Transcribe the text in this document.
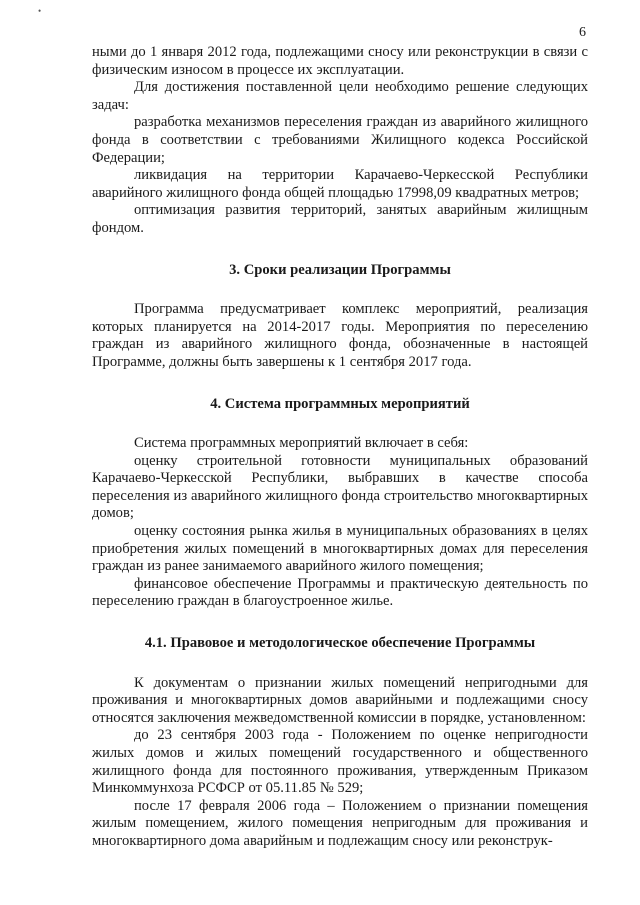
•
6

ными до 1 января 2012 года, подлежащими сносу или реконструкции в связи с физическим износом в процессе их эксплуатации.

Для достижения поставленной цели необходимо решение следующих задач:

разработка механизмов переселения граждан из аварийного жилищного фонда в соответствии с требованиями Жилищного кодекса Российской Федерации;

ликвидация на территории Карачаево-Черкесской Республики аварийного жилищного фонда общей площадью 17998,09 квадратных метров;

оптимизация развития территорий, занятых аварийным жилищным фондом.

3. Сроки реализации Программы

Программа предусматривает комплекс мероприятий, реализация которых планируется на 2014-2017 годы. Мероприятия по переселению граждан из аварийного жилищного фонда, обозначенные в настоящей Программе, должны быть завершены к 1 сентября 2017 года.

4. Система программных мероприятий

Система программных мероприятий включает в себя:

оценку строительной готовности муниципальных образований Карачаево-Черкесской Республики, выбравших в качестве способа переселения из аварийного жилищного фонда строительство многоквартирных домов;

оценку состояния рынка жилья в муниципальных образованиях в целях приобретения жилых помещений в многоквартирных домах для переселения граждан из ранее занимаемого аварийного жилого помещения;

финансовое обеспечение Программы и практическую деятельность по переселению граждан в благоустроенное жилье.

4.1. Правовое и методологическое обеспечение Программы

К документам о признании жилых помещений непригодными для проживания и многоквартирных домов аварийными и подлежащими сносу относятся заключения межведомственной комиссии в порядке, установленном:

до 23 сентября 2003 года - Положением по оценке непригодности жилых домов и жилых помещений государственного и общественного жилищного фонда для постоянного проживания, утвержденным Приказом Минкоммунхоза РСФСР от 05.11.85 № 529;

после 17 февраля 2006 года – Положением о признании помещения жилым помещением, жилого помещения непригодным для проживания и многоквартирного дома аварийным и подлежащим сносу или реконструк-
